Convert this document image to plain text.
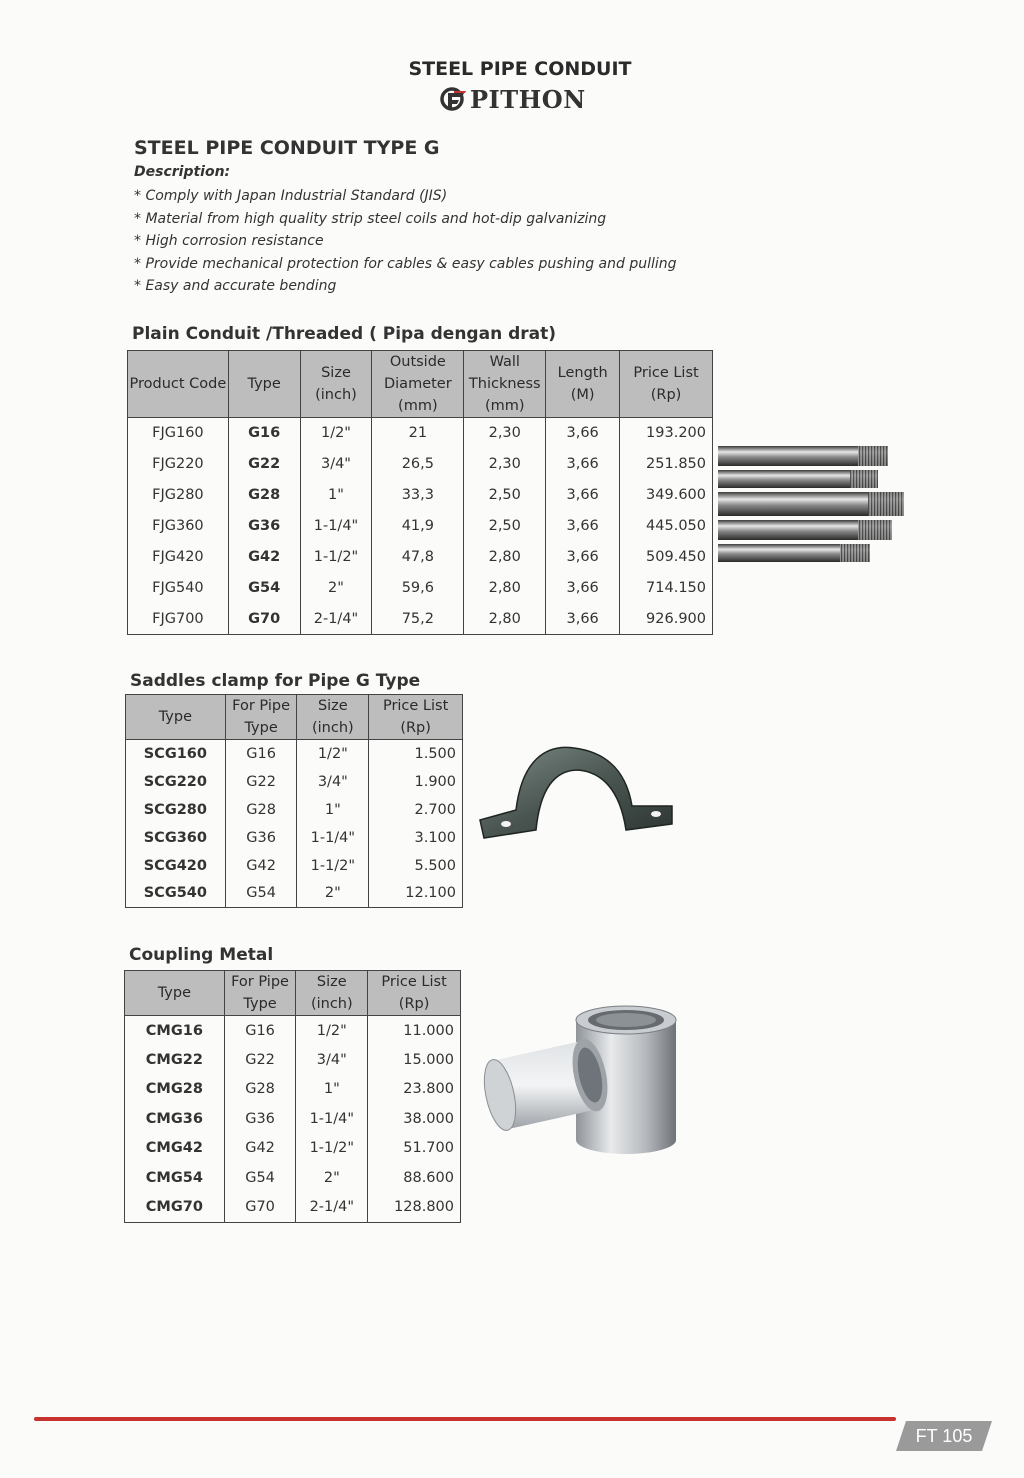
STEEL PIPE CONDUIT
PITHON
STEEL PIPE CONDUIT TYPE G
Description:
* Comply with Japan Industrial Standard (JIS)
* Material from high quality strip steel coils and hot-dip galvanizing
* High corrosion resistance
* Provide mechanical protection for cables & easy cables pushing and pulling
* Easy and accurate bending
Plain Conduit /Threaded ( Pipa dengan drat)
Product Code	Type	Size (inch)	Outside Diameter (mm)	Wall Thickness (mm)	Length (M)	Price List (Rp)
FJG160	G16	1/2"	21	2,30	3,66	193.200
FJG220	G22	3/4"	26,5	2,30	3,66	251.850
FJG280	G28	1"	33,3	2,50	3,66	349.600
FJG360	G36	1-1/4"	41,9	2,50	3,66	445.050
FJG420	G42	1-1/2"	47,8	2,80	3,66	509.450
FJG540	G54	2"	59,6	2,80	3,66	714.150
FJG700	G70	2-1/4"	75,2	2,80	3,66	926.900
Saddles clamp for Pipe G Type
Type	For Pipe Type	Size (inch)	Price List (Rp)
SCG160	G16	1/2"	1.500
SCG220	G22	3/4"	1.900
SCG280	G28	1"	2.700
SCG360	G36	1-1/4"	3.100
SCG420	G42	1-1/2"	5.500
SCG540	G54	2"	12.100
Coupling Metal
Type	For Pipe Type	Size (inch)	Price List (Rp)
CMG16	G16	1/2"	11.000
CMG22	G22	3/4"	15.000
CMG28	G28	1"	23.800
CMG36	G36	1-1/4"	38.000
CMG42	G42	1-1/2"	51.700
CMG54	G54	2"	88.600
CMG70	G70	2-1/4"	128.800
FT 105
